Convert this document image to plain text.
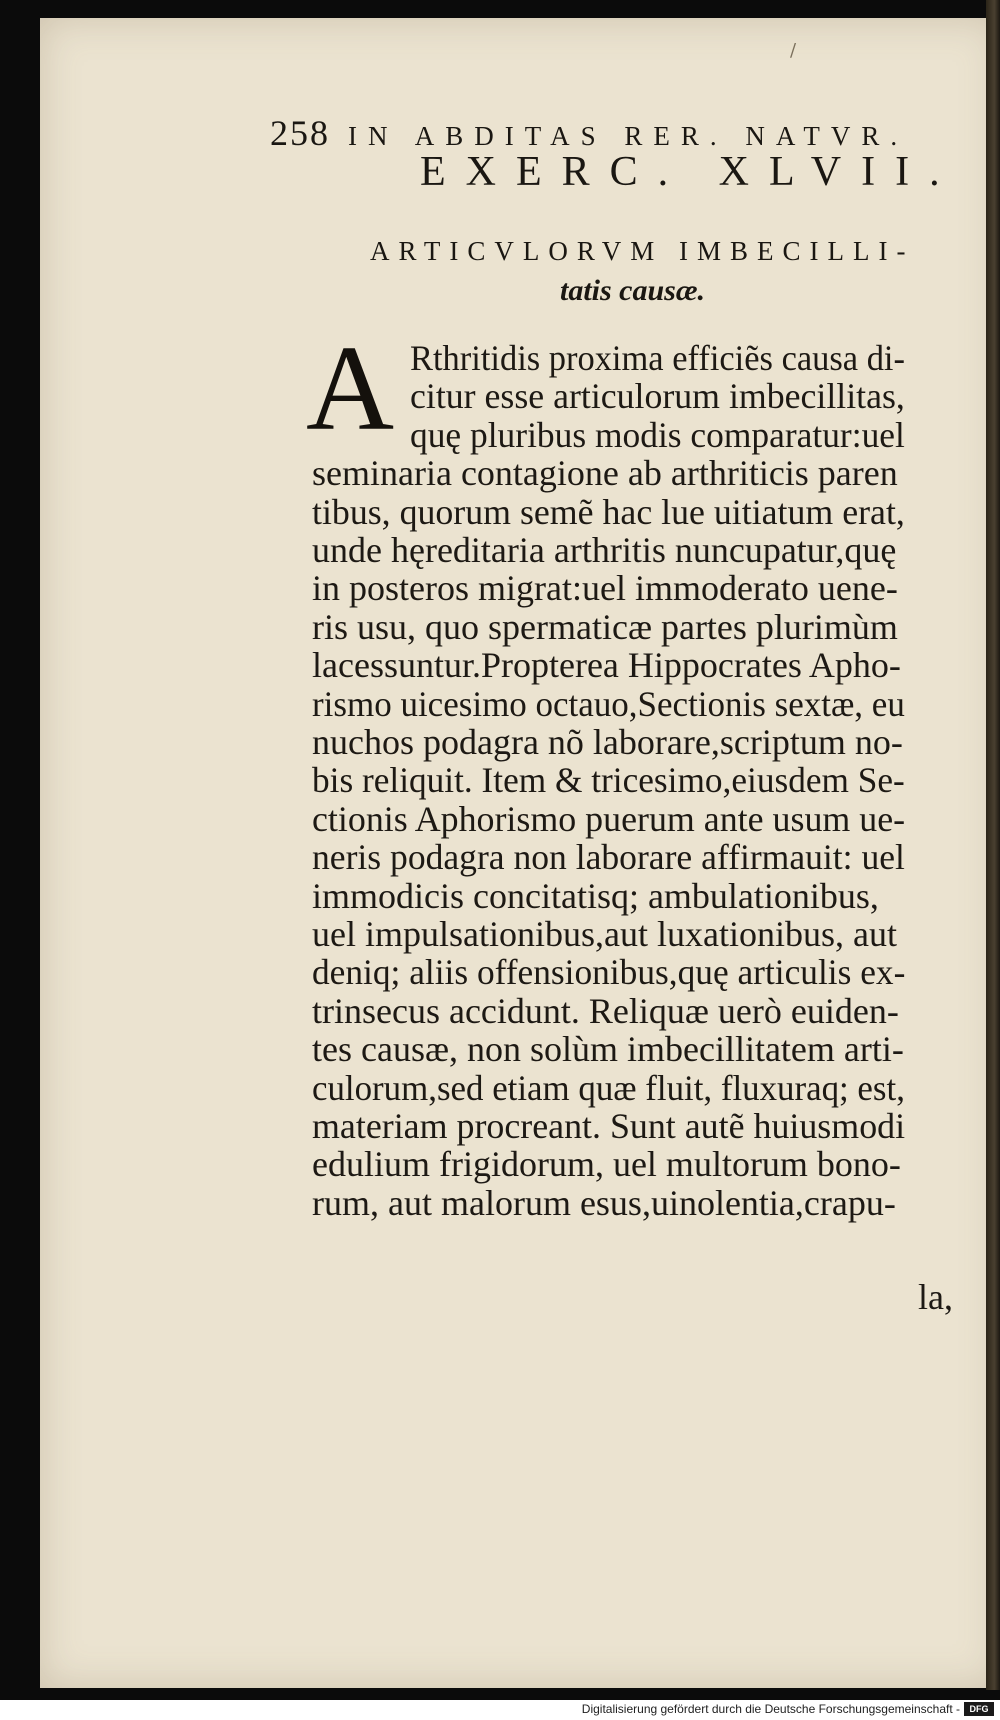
/
258 IN ABDITAS RER. NATVR.
EXERC. XLVII.
ARTICVLORVM IMBECILLI-
tatis causæ.
A Rthritidis proxima efficiẽs causa di-
citur esse articulorum imbecillitas,
quę pluribus modis comparatur:uel
seminaria contagione ab arthriticis paren
tibus, quorum semẽ hac lue uitiatum erat,
unde hęreditaria arthritis nuncupatur,quę
in posteros migrat:uel immoderato uene-
ris usu, quo spermaticæ partes plurimùm
lacessuntur.Propterea Hippocrates Apho-
rismo uicesimo octauo,Sectionis sextæ, eu
nuchos podagra nõ laborare,scriptum no-
bis reliquit. Item & tricesimo,eiusdem Se-
ctionis Aphorismo puerum ante usum ue-
neris podagra non laborare affirmauit: uel
immodicis concitatisq; ambulationibus,
uel impulsationibus,aut luxationibus, aut
deniq; aliis offensionibus,quę articulis ex-
trinsecus accidunt. Reliquæ uerò euiden-
tes causæ, non solùm imbecillitatem arti-
culorum,sed etiam quæ fluit, fluxuraq; est,
materiam procreant. Sunt autẽ huiusmodi
edulium frigidorum, uel multorum bono-
rum, aut malorum esus,uinolentia,crapu-
la,
Digitalisierung gefördert durch die Deutsche Forschungsgemeinschaft -	DFG
